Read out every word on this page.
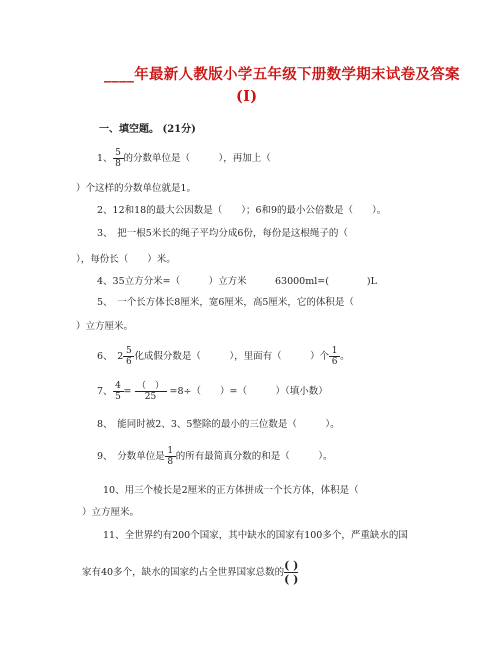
____年最新人教版小学五年级下册数学期末试卷及答案
(I)
一、填空题。 (21分)
1、 $\frac{5}{8}$ 的分数单位是（　　　），再加上（
）个这样的分数单位就是1。
2、12和18的最大公因数是（　　）；6和9的最小公倍数是（　　）。
3、　把一根5米长的绳子平均分成6份，每份是这根绳子的（
），每份长（　　）米。
4、35立方分米=（　　　）立方米	63000ml=(　　　　)L
5、　一个长方体长8厘米，宽6厘米，高5厘米，它的体积是（
）立方厘米。
6、　$2 \frac{5}{6}$ 化成假分数是（　　　），里面有（　　　）个 $\frac{1}{6}$ 。
7、 $\frac{4}{5} = \frac{( )}{25} =8\div$（　　）=（　　　）（填小数）
8、　能同时被2、3、5整除的最小的三位数是（　　　）。
9、　分数单位是 $\frac{1}{8}$ 的所有最简真分数的和是（　　　）。
10、用三个棱长是2厘米的正方体拼成一个长方体，体积是（
）立方厘米。
11、全世界约有200个国家，其中缺水的国家有100多个，严重缺水的国
家有40多个，缺水的国家约占全世界国家总数的
( )
( )
